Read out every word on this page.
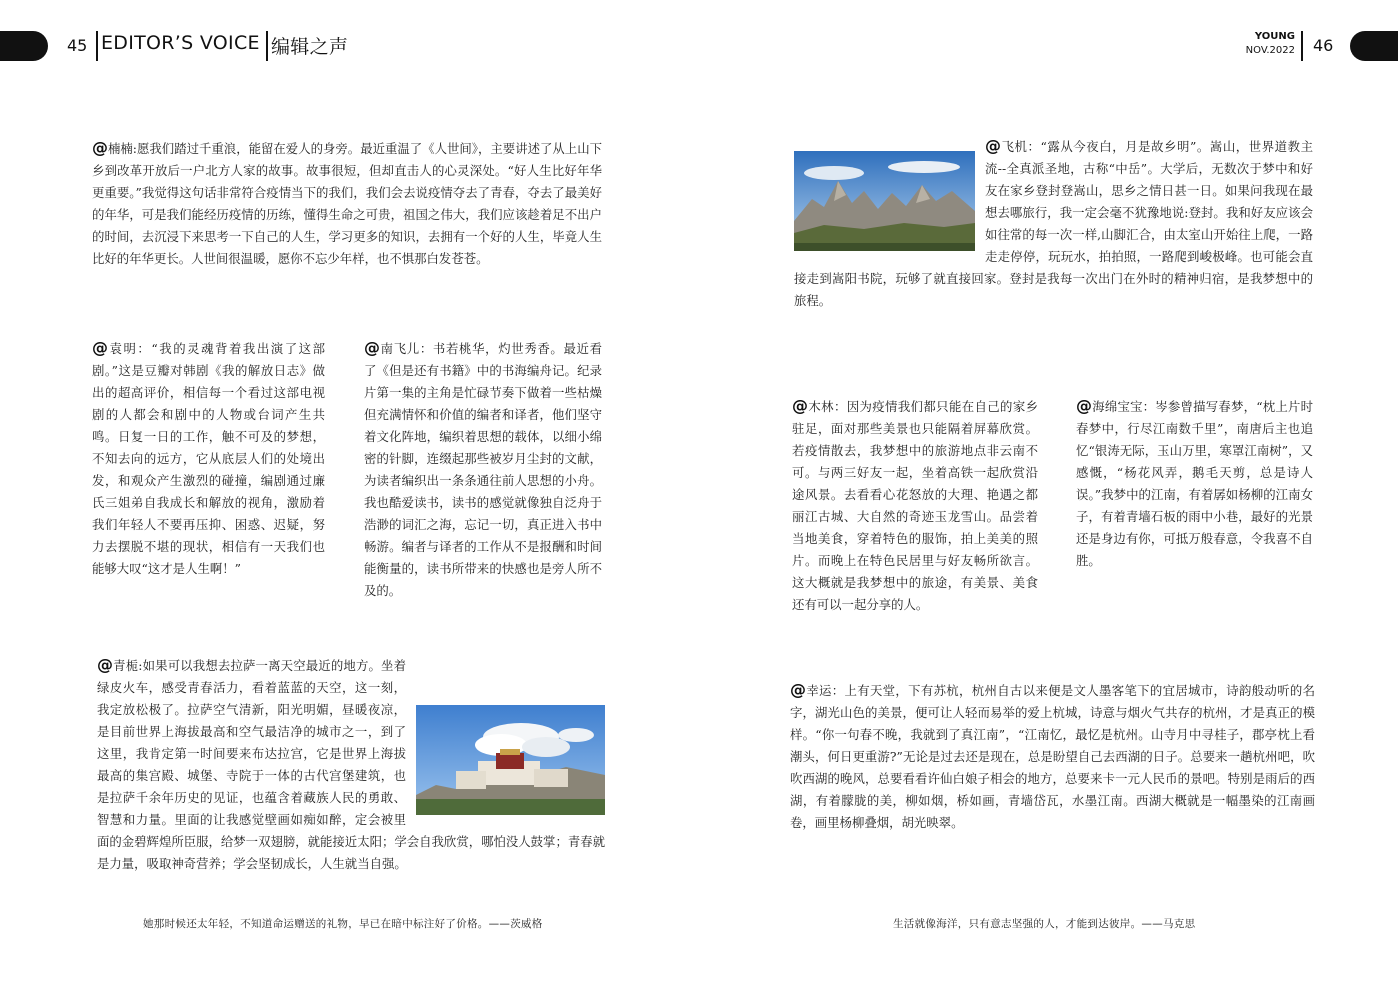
45 EDITOR’S VOICE 编辑之声	YOUNG
NOV.2022 46
@楠楠:愿我们踏过千重浪，能留在爱人的身旁。最近重温了《人世间》，主要讲述了从上山下乡到改革开放后一户北方人家的故事。故事很短，但却直击人的心灵深处。“好人生比好年华更重要。”我觉得这句话非常符合疫情当下的我们，我们会去说疫情夺去了青春，夺去了最美好的年华，可是我们能经历疫情的历练，懂得生命之可贵，祖国之伟大，我们应该趁着足不出户的时间，去沉浸下来思考一下自己的人生，学习更多的知识，去拥有一个好的人生，毕竟人生比好的年华更长。人世间很温暖，愿你不忘少年样，也不惧那白发苍苍。
@袁明：“我的灵魂背着我出演了这部剧。”这是豆瓣对韩剧《我的解放日志》做出的超高评价，相信每一个看过这部电视剧的人都会和剧中的人物或台词产生共鸣。日复一日的工作，触不可及的梦想，不知去向的远方，它从底层人们的处境出发，和观众产生激烈的碰撞，编剧通过廉氏三姐弟自我成长和解放的视角，激励着我们年轻人不要再压抑、困惑、迟疑，努力去摆脱不堪的现状，相信有一天我们也能够大叹“这才是人生啊！”
@南飞儿：书若桃华，灼世秀香。最近看了《但是还有书籍》中的书海编舟记。纪录片第一集的主角是忙碌节奏下做着一些枯燥但充满情怀和价值的编者和译者，他们坚守着文化阵地，编织着思想的载体，以细小绵密的针脚，连缀起那些被岁月尘封的文献，为读者编织出一条条通往前人思想的小舟。我也酷爱读书，读书的感觉就像独自泛舟于浩渺的词汇之海，忘记一切，真正进入书中畅游。编者与译者的工作从不是报酬和时间能衡量的，读书所带来的快感也是旁人所不及的。
@青栀:如果可以我想去拉萨一离天空最近的地方。坐着绿皮火车，感受青春活力，看着蓝蓝的天空，这一刻，我定放松极了。拉萨空气清新，阳光明媚，昼暖夜凉，是目前世界上海拔最高和空气最洁净的城市之一，到了这里，我肯定第一时间要来布达拉宫，它是世界上海拔最高的集宫殿、城堡、寺院于一体的古代宫堡建筑，也是拉萨千余年历史的见证，也蕴含着藏族人民的勇敢、智慧和力量。里面的让我感觉壁画如痴如醉，定会被里面的金碧辉煌所臣服，给梦一双翅膀，就能接近太阳；学会自我欣赏，哪怕没人鼓掌；青春就是力量，吸取神奇营养；学会坚韧成长，人生就当自强。
@飞机：“露从今夜白，月是故乡明”。嵩山，世界道教主流--全真派圣地，古称“中岳”。大学后，无数次于梦中和好友在家乡登封登嵩山，思乡之情日甚一日。如果问我现在最想去哪旅行，我一定会毫不犹豫地说:登封。我和好友应该会如往常的每一次一样,山脚汇合，由太室山开始往上爬，一路走走停停，玩玩水，拍拍照，一路爬到峻极峰。也可能会直接走到嵩阳书院，玩够了就直接回家。登封是我每一次出门在外时的精神归宿，是我梦想中的旅程。
@木林：因为疫情我们都只能在自己的家乡驻足，面对那些美景也只能隔着屏幕欣赏。若疫情散去，我梦想中的旅游地点非云南不可。与两三好友一起，坐着高铁一起欣赏沿途风景。去看看心花怒放的大理、艳遇之都丽江古城、大自然的奇迹玉龙雪山。品尝着当地美食，穿着特色的服饰，拍上美美的照片。而晚上在特色民居里与好友畅所欲言。这大概就是我梦想中的旅途，有美景、美食还有可以一起分享的人。
@海绵宝宝：岑参曾描写春梦，“枕上片时春梦中，行尽江南数千里”，南唐后主也追忆“银涛无际，玉山万里，寒罩江南树”，又感慨，“杨花风弄，鹅毛天剪，总是诗人误。”我梦中的江南，有着孱如杨柳的江南女子，有着青墙石板的雨中小巷，最好的光景还是身边有你，可抵万般春意，令我喜不自胜。
@幸运：上有天堂，下有苏杭，杭州自古以来便是文人墨客笔下的宜居城市，诗韵般动听的名字，湖光山色的美景，便可让人轻而易举的爱上杭城，诗意与烟火气共存的杭州，才是真正的模样。“你一句春不晚，我就到了真江南”，“江南忆，最忆是杭州。山寺月中寻桂子，郡亭枕上看潮头，何日更重游?”无论是过去还是现在，总是盼望自己去西湖的日子。总要来一趟杭州吧，吹吹西湖的晚风，总要看看许仙白娘子相会的地方，总要来卡一元人民币的景吧。特别是雨后的西湖，有着朦胧的美，柳如烟，桥如画，青墙岱瓦，水墨江南。西湖大概就是一幅墨染的江南画卷，画里杨柳叠烟，胡光映翠。
她那时候还太年轻，不知道命运赠送的礼物，早已在暗中标注好了价格。——茨威格	生活就像海洋，只有意志坚强的人，才能到达彼岸。——马克思
